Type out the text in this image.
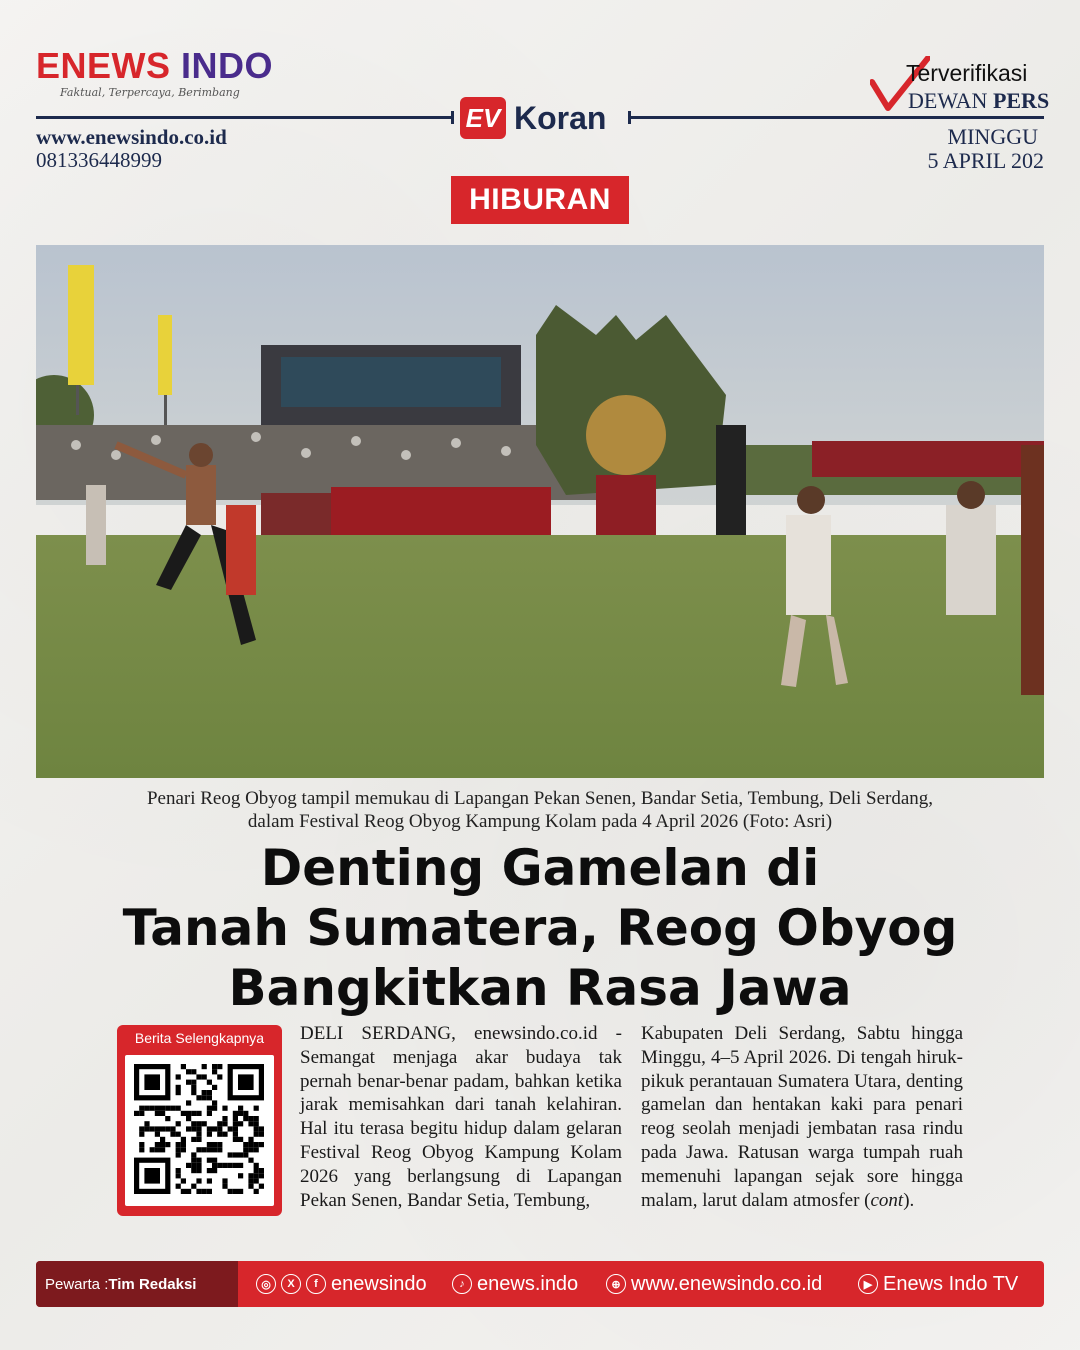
ENEWS INDO
Faktual, Terpercaya, Berimbang
www.enewsindo.co.id
081336448999
EV Koran
Terverifikasi
DEWAN PERS
MINGGU
5 APRIL 202
HIBURAN
Penari Reog Obyog tampil memukau di Lapangan Pekan Senen, Bandar Setia, Tembung, Deli Serdang,
dalam Festival Reog Obyog Kampung Kolam pada 4 April 2026 (Foto: Asri)
Denting Gamelan di
Tanah Sumatera, Reog Obyog
Bangkitkan Rasa Jawa
Berita Selengkapnya	DELI SERDANG, enewsindo.co.id - Semangat menjaga akar budaya tak pernah benar-benar padam, bahkan ketika jarak memisahkan dari tanah kelahiran. Hal itu terasa begitu hidup dalam gelaran Festival Reog Obyog Kampung Kolam 2026 yang berlangsung di Lapangan Pekan Senen, Bandar Setia, Tembung,
Kabupaten Deli Serdang, Sabtu hingga Minggu, 4–5 April 2026. Di tengah hiruk-pikuk perantauan Sumatera Utara, denting gamelan dan hentakan kaki para penari reog seolah menjadi jembatan rasa rindu pada Jawa. Ratusan warga tumpah ruah memenuhi lapangan sejak sore hingga malam, larut dalam atmosfer (cont).
Pewarta : Tim Redaksi	◎	X	f enewsindo	♪ enews.indo	⊕ www.enewsindo.co.id	▶ Enews Indo TV
